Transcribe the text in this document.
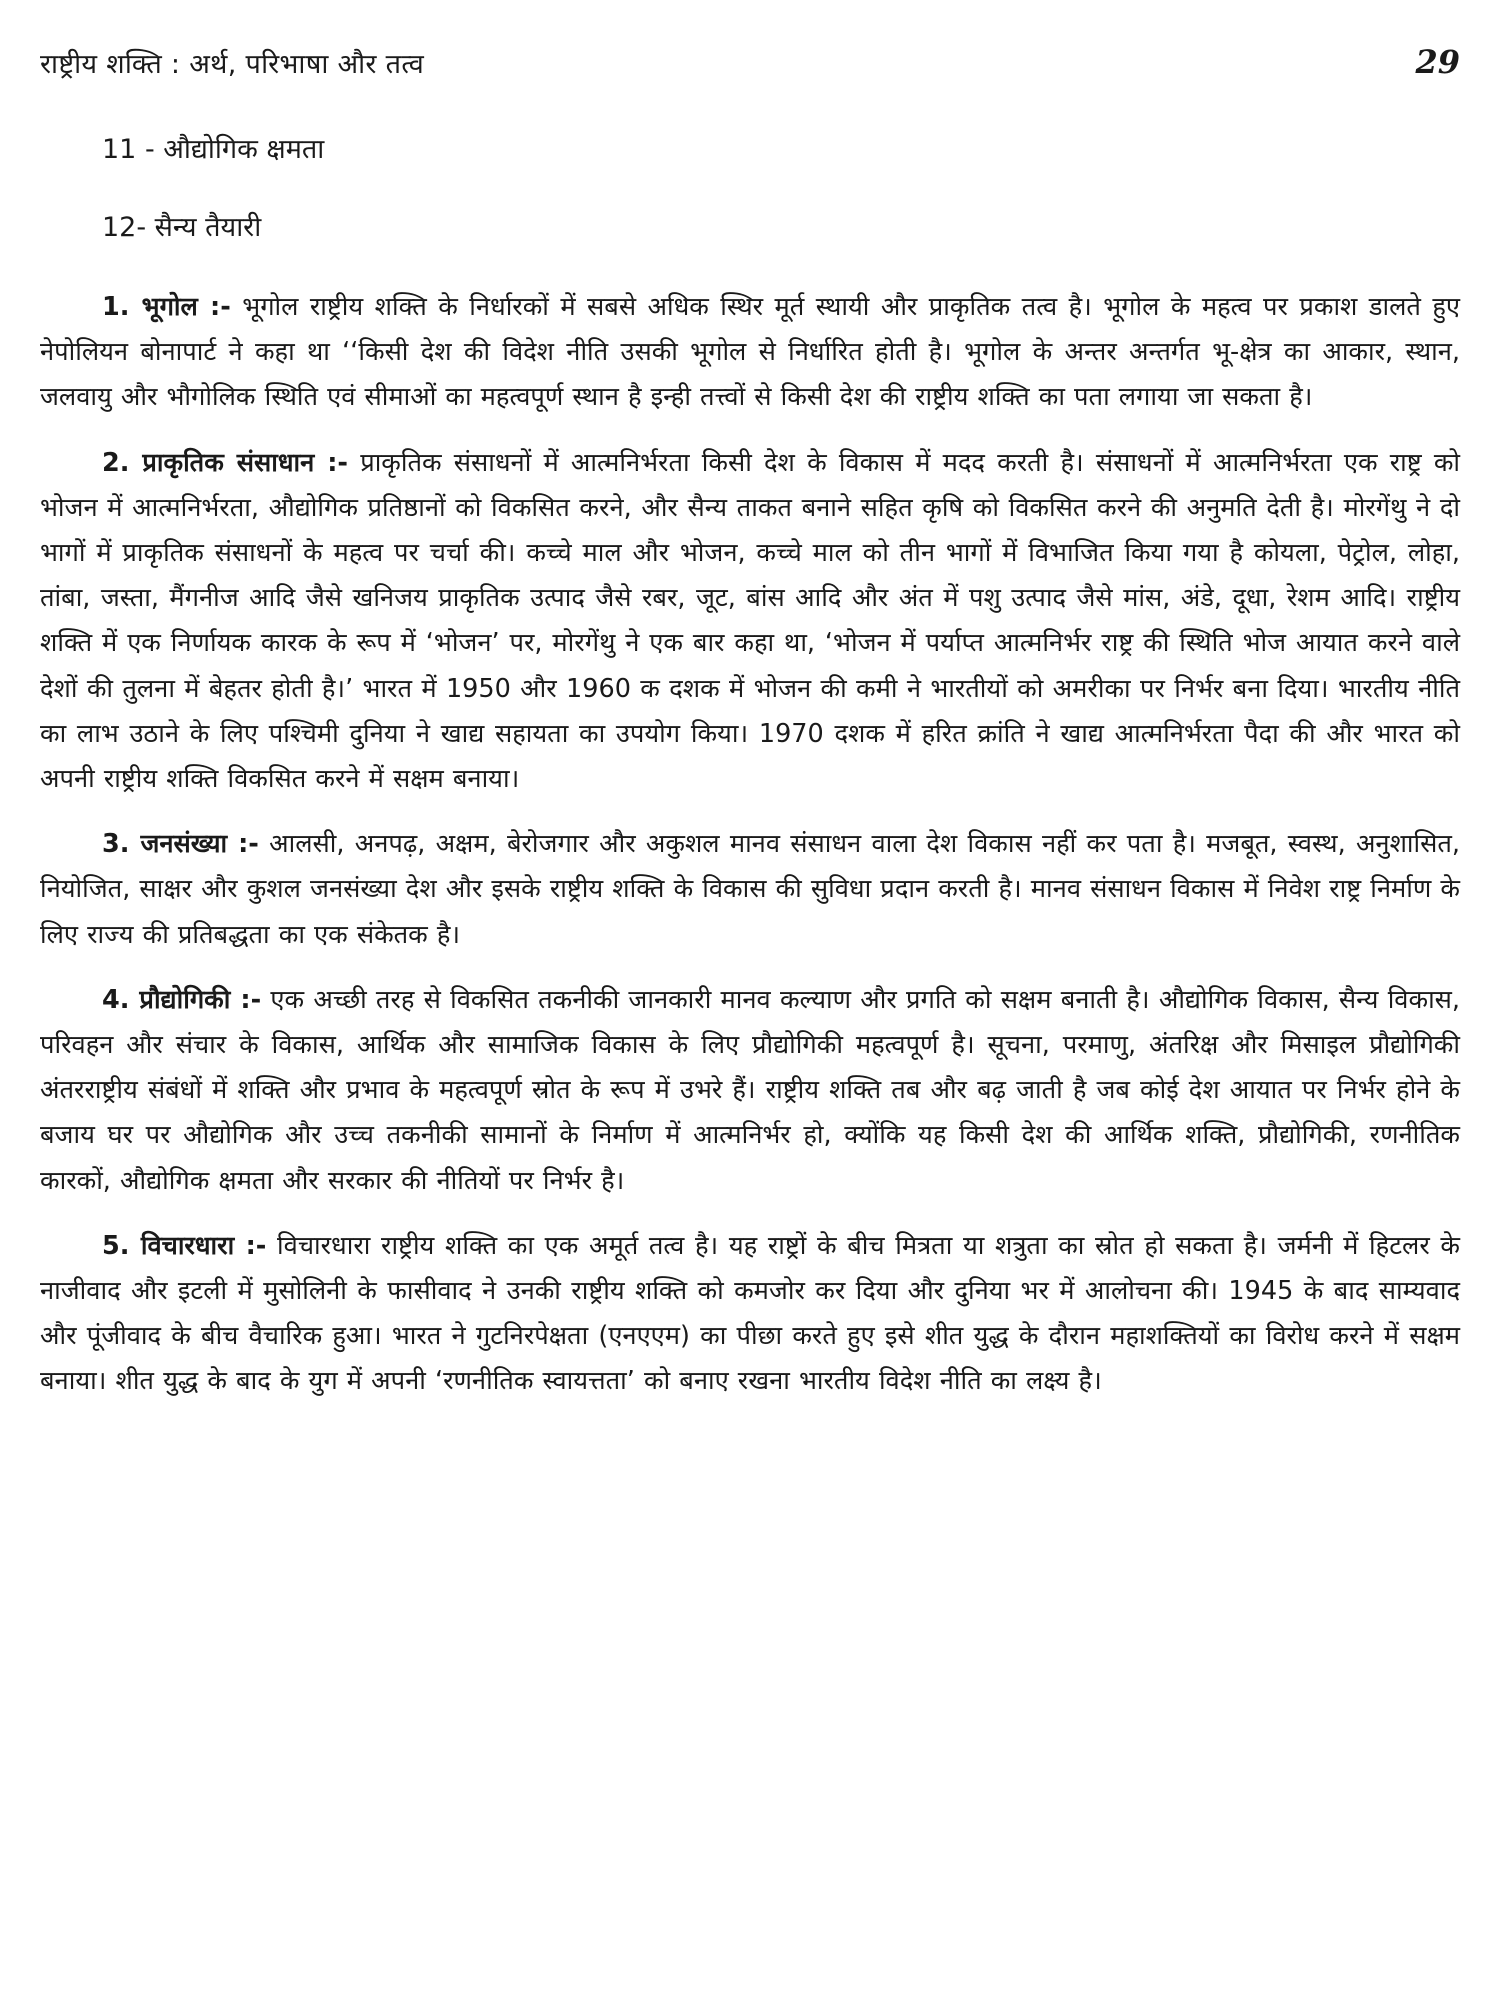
राष्ट्रीय शक्ति : अर्थ, परिभाषा और तत्व	29
11 - औद्योगिक क्षमता
12- सैन्य तैयारी

1. भूगोल :- भूगोल राष्ट्रीय शक्ति के निर्धारकों में सबसे अधिक स्थिर मूर्त स्थायी और प्राकृतिक तत्व है। भूगोल के महत्व पर प्रकाश डालते हुए नेपोलियन बोनापार्ट ने कहा था ‘‘किसी देश की विदेश नीति उसकी भूगोल से निर्धारित होती है। भूगोल के अन्तर अन्तर्गत भू-क्षेत्र का आकार, स्थान, जलवायु और भौगोलिक स्थिति एवं सीमाओं का महत्वपूर्ण स्थान है इन्ही तत्त्वों से किसी देश की राष्ट्रीय शक्ति का पता लगाया जा सकता है।

2. प्राकृतिक संसाधान :- प्राकृतिक संसाधनों में आत्मनिर्भरता किसी देश के विकास में मदद करती है। संसाधनों में आत्मनिर्भरता एक राष्ट्र को भोजन में आत्मनिर्भरता, औद्योगिक प्रतिष्ठानों को विकसित करने, और सैन्य ताकत बनाने सहित कृषि को विकसित करने की अनुमति देती है। मोरगेंथु ने दो भागों में प्राकृतिक संसाधनों के महत्व पर चर्चा की। कच्चे माल और भोजन, कच्चे माल को तीन भागों में विभाजित किया गया है कोयला, पेट्रोल, लोहा, तांबा, जस्ता, मैंगनीज आदि जैसे खनिजय प्राकृतिक उत्पाद जैसे रबर, जूट, बांस आदि और अंत में पशु उत्पाद जैसे मांस, अंडे, दूधा, रेशम आदि। राष्ट्रीय शक्ति में एक निर्णायक कारक के रूप में ‘भोजन’ पर, मोरगेंथु ने एक बार कहा था, ‘भोजन में पर्याप्त आत्मनिर्भर राष्ट्र की स्थिति भोज आयात करने वाले देशों की तुलना में बेहतर होती है।’ भारत में 1950 और 1960 क दशक में भोजन की कमी ने भारतीयों को अमरीका पर निर्भर बना दिया। भारतीय नीति का लाभ उठाने के लिए पश्चिमी दुनिया ने खाद्य सहायता का उपयोग किया। 1970 दशक में हरित क्रांति ने खाद्य आत्मनिर्भरता पैदा की और भारत को अपनी राष्ट्रीय शक्ति विकसित करने में सक्षम बनाया।

3. जनसंख्या :- आलसी, अनपढ़, अक्षम, बेरोजगार और अकुशल मानव संसाधन वाला देश विकास नहीं कर पता है। मजबूत, स्वस्थ, अनुशासित, नियोजित, साक्षर और कुशल जनसंख्या देश और इसके राष्ट्रीय शक्ति के विकास की सुविधा प्रदान करती है। मानव संसाधन विकास में निवेश राष्ट्र निर्माण के लिए राज्य की प्रतिबद्धता का एक संकेतक है।

4. प्रौद्योगिकी :- एक अच्छी तरह से विकसित तकनीकी जानकारी मानव कल्याण और प्रगति को सक्षम बनाती है। औद्योगिक विकास, सैन्य विकास, परिवहन और संचार के विकास, आर्थिक और सामाजिक विकास के लिए प्रौद्योगिकी महत्वपूर्ण है। सूचना, परमाणु, अंतरिक्ष और मिसाइल प्रौद्योगिकी अंतरराष्ट्रीय संबंधों में शक्ति और प्रभाव के महत्वपूर्ण स्रोत के रूप में उभरे हैं। राष्ट्रीय शक्ति तब और बढ़ जाती है जब कोई देश आयात पर निर्भर होने के बजाय घर पर औद्योगिक और उच्च तकनीकी सामानों के निर्माण में आत्मनिर्भर हो, क्योंकि यह किसी देश की आर्थिक शक्ति, प्रौद्योगिकी, रणनीतिक कारकों, औद्योगिक क्षमता और सरकार की नीतियों पर निर्भर है।

5. विचारधारा :- विचारधारा राष्ट्रीय शक्ति का एक अमूर्त तत्व है। यह राष्ट्रों के बीच मित्रता या शत्रुता का स्रोत हो सकता है। जर्मनी में हिटलर के नाजीवाद और इटली में मुसोलिनी के फासीवाद ने उनकी राष्ट्रीय शक्ति को कमजोर कर दिया और दुनिया भर में आलोचना की। 1945 के बाद साम्यवाद और पूंजीवाद के बीच वैचारिक हुआ। भारत ने गुटनिरपेक्षता (एनएएम) का पीछा करते हुए इसे शीत युद्ध के दौरान महाशक्तियों का विरोध करने में सक्षम बनाया। शीत युद्ध के बाद के युग में अपनी ‘रणनीतिक स्वायत्तता’ को बनाए रखना भारतीय विदेश नीति का लक्ष्य है।
